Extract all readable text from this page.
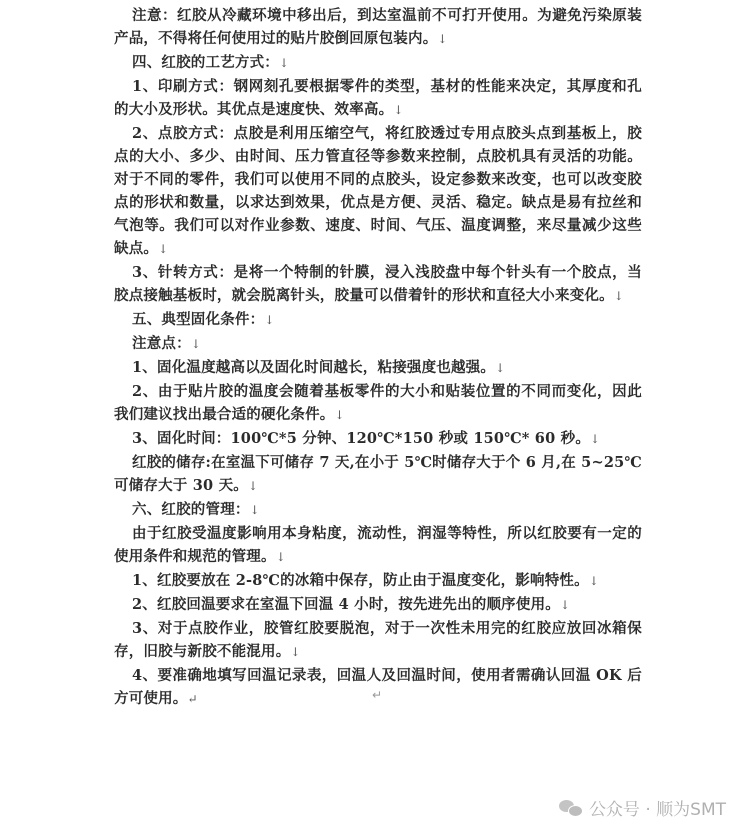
注意：红胶从冷藏环境中移出后，到达室温前不可打开使用。为避免污染原装产品，不得将任何使用过的贴片胶倒回原包装内。↓

四、红胶的工艺方式：↓

1、印刷方式：钢网刻孔要根据零件的类型，基材的性能来决定，其厚度和孔的大小及形状。其优点是速度快、效率高。↓

2、点胶方式：点胶是利用压缩空气，将红胶透过专用点胶头点到基板上，胶点的大小、多少、由时间、压力管直径等参数来控制，点胶机具有灵活的功能。对于不同的零件，我们可以使用不同的点胶头，设定参数来改变，也可以改变胶点的形状和数量，以求达到效果，优点是方便、灵活、稳定。缺点是易有拉丝和气泡等。我们可以对作业参数、速度、时间、气压、温度调整，来尽量减少这些缺点。↓

3、针转方式：是将一个特制的针膜，浸入浅胶盘中每个针头有一个胶点，当胶点接触基板时，就会脱离针头，胶量可以借着针的形状和直径大小来变化。↓

五、典型固化条件：↓

注意点：↓

1、固化温度越高以及固化时间越长，粘接强度也越强。↓

2、由于贴片胶的温度会随着基板零件的大小和贴装位置的不同而变化，因此我们建议找出最合适的硬化条件。↓

3、固化时间：100℃*5 分钟、120℃*150 秒或 150℃* 60 秒。↓

红胶的储存:在室温下可储存 7 天,在小于 5℃时储存大于个 6 月,在 5~25℃可储存大于 30 天。↓

六、红胶的管理：↓

由于红胶受温度影响用本身粘度，流动性，润湿等特性，所以红胶要有一定的使用条件和规范的管理。↓

1、红胶要放在 2-8℃的冰箱中保存，防止由于温度变化，影响特性。↓

2、红胶回温要求在室温下回温 4 小时，按先进先出的顺序使用。↓

3、对于点胶作业，胶管红胶要脱泡，对于一次性未用完的红胶应放回冰箱保存，旧胶与新胶不能混用。↓

4、要准确地填写回温记录表，回温人及回温时间，使用者需确认回温 OK 后方可使用。↵	↵
公众号 · 顺为SMT
